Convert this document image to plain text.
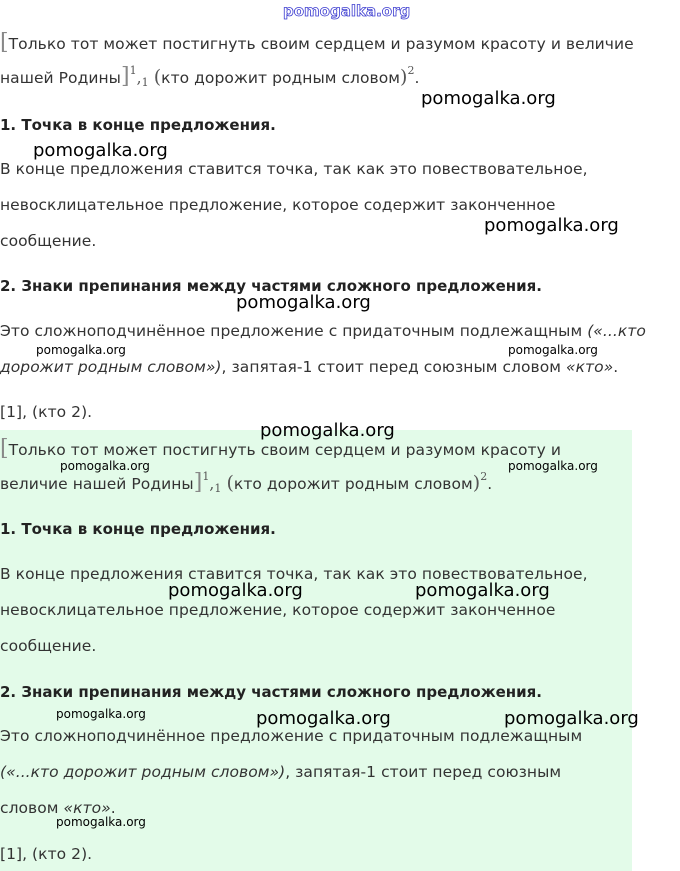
pomogalka.org
[Только тот может постигнуть своим сердцем и разумом красоту и величие
нашей Родины]$^1$,1 (кто дорожит родным словом)$^2$.
1. Точка в конце предложения.
В конце предложения ставится точка, так как это повествовательное,
невосклицательное предложение, которое содержит законченное
сообщение.
2. Знаки препинания между частями сложного предложения.
Это сложноподчинённое предложение с придаточным подлежащным («...кто
дорожит родным словом»), запятая-1 стоит перед союзным словом «кто».
[1], (кто 2).
[Только тот может постигнуть своим сердцем и разумом красоту и
величие нашей Родины]$^1$,1 (кто дорожит родным словом)$^2$.
1. Точка в конце предложения.
В конце предложения ставится точка, так как это повествовательное,
невосклицательное предложение, которое содержит законченное
сообщение.
2. Знаки препинания между частями сложного предложения.
Это сложноподчинённое предложение с придаточным подлежащным
(«...кто дорожит родным словом»), запятая-1 стоит перед союзным
словом «кто».
[1], (кто 2).
pomogalka.org
pomogalka.org
pomogalka.org
pomogalka.org
pomogalka.org	pomogalka.org
pomogalka.org
pomogalka.org	pomogalka.org
pomogalka.org	pomogalka.org
pomogalka.org	pomogalka.org	pomogalka.org
pomogalka.org
